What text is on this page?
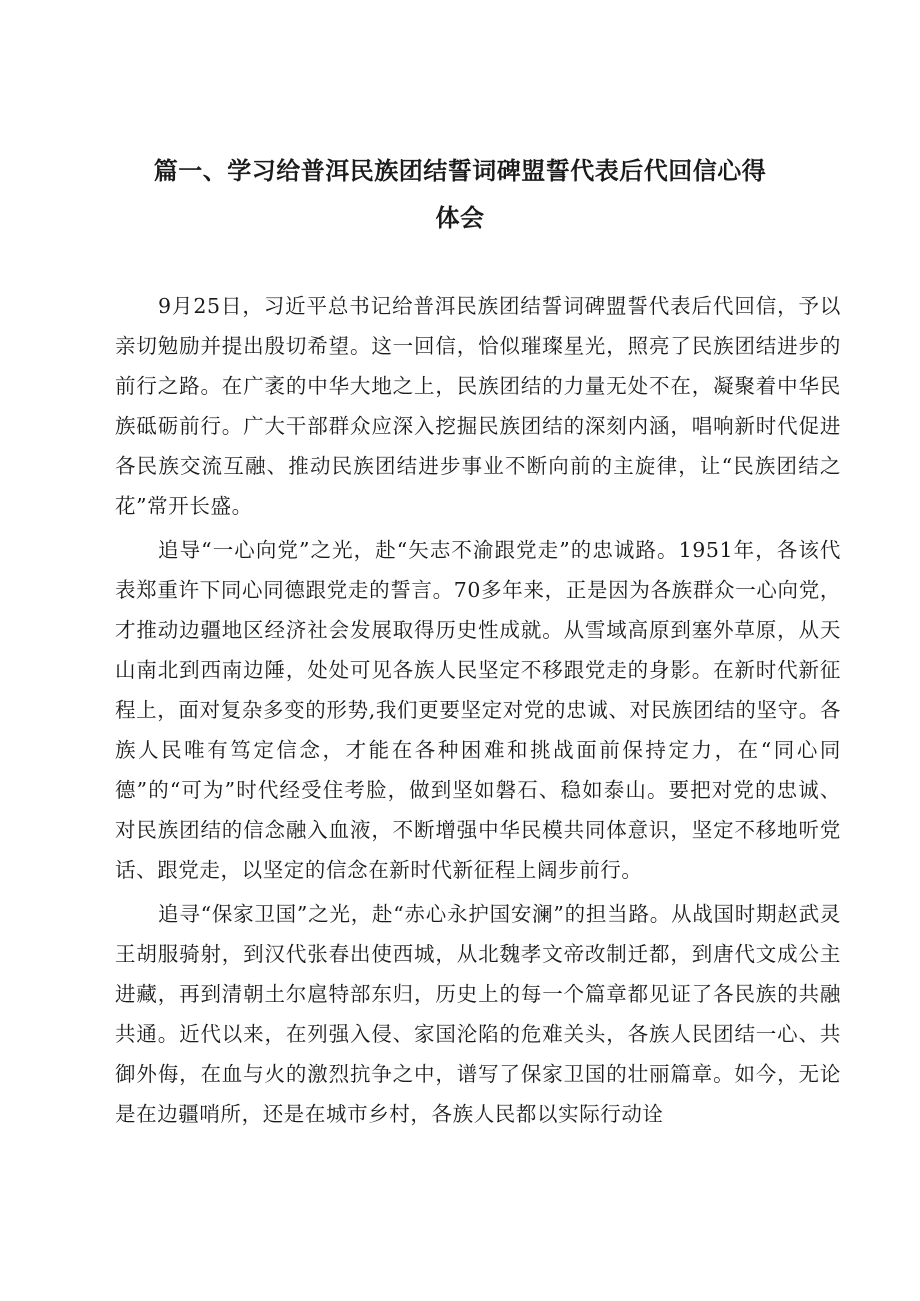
篇一、学习给普洱民族团结誓词碑盟誓代表后代回信心得
体会

9月25日，习近平总书记给普洱民族团结誓词碑盟誓代表后代回信，予以亲切勉励并提出殷切希望。这一回信，恰似璀璨星光，照亮了民族团结进步的前行之路。在广袤的中华大地之上，民族团结的力量无处不在，凝聚着中华民族砥砺前行。广大干部群众应深入挖掘民族团结的深刻内涵，唱响新时代促进各民族交流互融、推动民族团结进步事业不断向前的主旋律，让“民族团结之花”常开长盛。

追导“一心向党”之光，赴“矢志不渝跟党走”的忠诚路。1951年，各该代表郑重许下同心同德跟党走的誓言。70多年来，正是因为各族群众一心向党，才推动边疆地区经济社会发展取得历史性成就。从雪域高原到塞外草原，从天山南北到西南边陲，处处可见各族人民坚定不移跟党走的身影。在新时代新征程上，面对复杂多变的形势,我们更要坚定对党的忠诚、对民族团结的坚守。各族人民唯有笃定信念，才能在各种困难和挑战面前保持定力，在“同心同德”的“可为”时代经受住考脸，做到坚如磐石、稳如泰山。要把对党的忠诚、对民族团结的信念融入血液，不断增强中华民模共同体意识，坚定不移地听党话、跟党走，以坚定的信念在新时代新征程上阔步前行。

追寻“保家卫国”之光，赴“赤心永护国安澜”的担当路。从战国时期赵武灵王胡服骑射，到汉代张春出使西城，从北魏孝文帝改制迁都，到唐代文成公主进藏，再到清朝土尔扈特部东归，历史上的每一个篇章都见证了各民族的共融共通。近代以来，在列强入侵、家国沦陷的危难关头，各族人民团结一心、共御外侮，在血与火的激烈抗争之中，谱写了保家卫国的壮丽篇章。如今，无论是在边疆哨所，还是在城市乡村，各族人民都以实际行动诠
